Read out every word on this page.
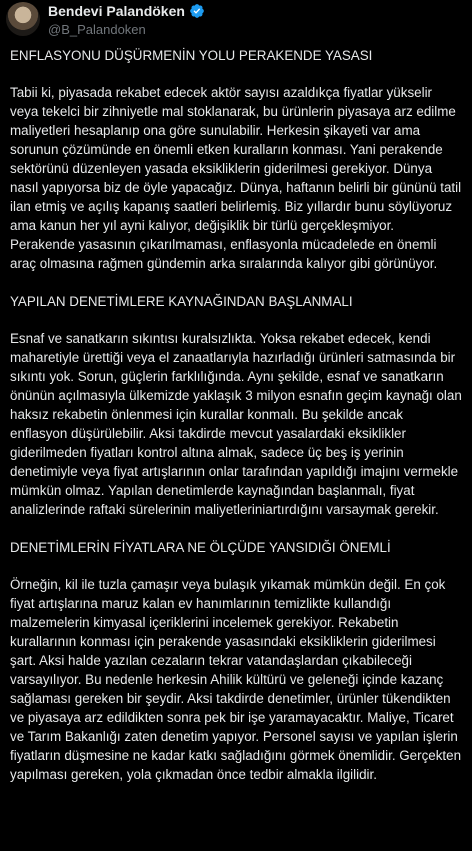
Bendevi Palandöken
@B_Palandoken

ENFLASYONU DÜŞÜRMENİN YOLU PERAKENDE YASASI

Tabii ki, piyasada rekabet edecek aktör sayısı azaldıkça fiyatlar yükselir veya tekelci bir zihniyetle mal stoklanarak, bu ürünlerin piyasaya arz edilme maliyetleri hesaplanıp ona göre sunulabilir. Herkesin şikayeti var ama sorunun çözümünde en önemli etken kuralların konması. Yani perakende sektörünü düzenleyen yasada eksikliklerin giderilmesi gerekiyor. Dünya nasıl yapıyorsa biz de öyle yapacağız. Dünya, haftanın belirli bir gününü tatil ilan etmiş ve açılış kapanış saatleri belirlemiş. Biz yıllardır bunu söylüyoruz ama kanun her yıl ayni kalıyor, değişiklik bir türlü gerçekleşmiyor. Perakende yasasının çıkarılmaması, enflasyonla mücadelede en önemli araç olmasına rağmen gündemin arka sıralarında kalıyor gibi görünüyor.

YAPILAN DENETİMLERE KAYNAĞINDAN BAŞLANMALI

Esnaf ve sanatkarın sıkıntısı kuralsızlıkta. Yoksa rekabet edecek, kendi maharetiyle ürettiği veya el zanaatlarıyla hazırladığı ürünleri satmasında bir sıkıntı yok. Sorun, güçlerin farklılığında. Aynı şekilde, esnaf ve sanatkarın önünün açılmasıyla ülkemizde yaklaşık 3 milyon esnafın geçim kaynağı olan haksız rekabetin önlenmesi için kurallar konmalı. Bu şekilde ancak enflasyon düşürülebilir. Aksi takdirde mevcut yasalardaki eksiklikler giderilmeden fiyatları kontrol altına almak, sadece üç beş iş yerinin denetimiyle veya fiyat artışlarının onlar tarafından yapıldığı imajını vermekle mümkün olmaz. Yapılan denetimlerde kaynağından başlanmalı, fiyat analizlerinde raftaki sürelerinin maliyetleriniartırdığını varsaymak gerekir.

DENETİMLERİN FİYATLARA NE ÖLÇÜDE YANSIDIĞI ÖNEMLİ

Örneğin, kil ile tuzla çamaşır veya bulaşık yıkamak mümkün değil. En çok fiyat artışlarına maruz kalan ev hanımlarının temizlikte kullandığı malzemelerin kimyasal içeriklerini incelemek gerekiyor. Rekabetin kurallarının konması için perakende yasasındaki eksikliklerin giderilmesi şart. Aksi halde yazılan cezaların tekrar vatandaşlardan çıkabileceği varsayılıyor. Bu nedenle herkesin Ahilik kültürü ve geleneği içinde kazanç sağlaması gereken bir şeydir. Aksi takdirde denetimler, ürünler tükendikten ve piyasaya arz edildikten sonra pek bir işe yaramayacaktır. Maliye, Ticaret ve Tarım Bakanlığı zaten denetim yapıyor. Personel sayısı ve yapılan işlerin fiyatların düşmesine ne kadar katkı sağladığını görmek önemlidir. Gerçekten yapılması gereken, yola çıkmadan önce tedbir almakla ilgilidir.
